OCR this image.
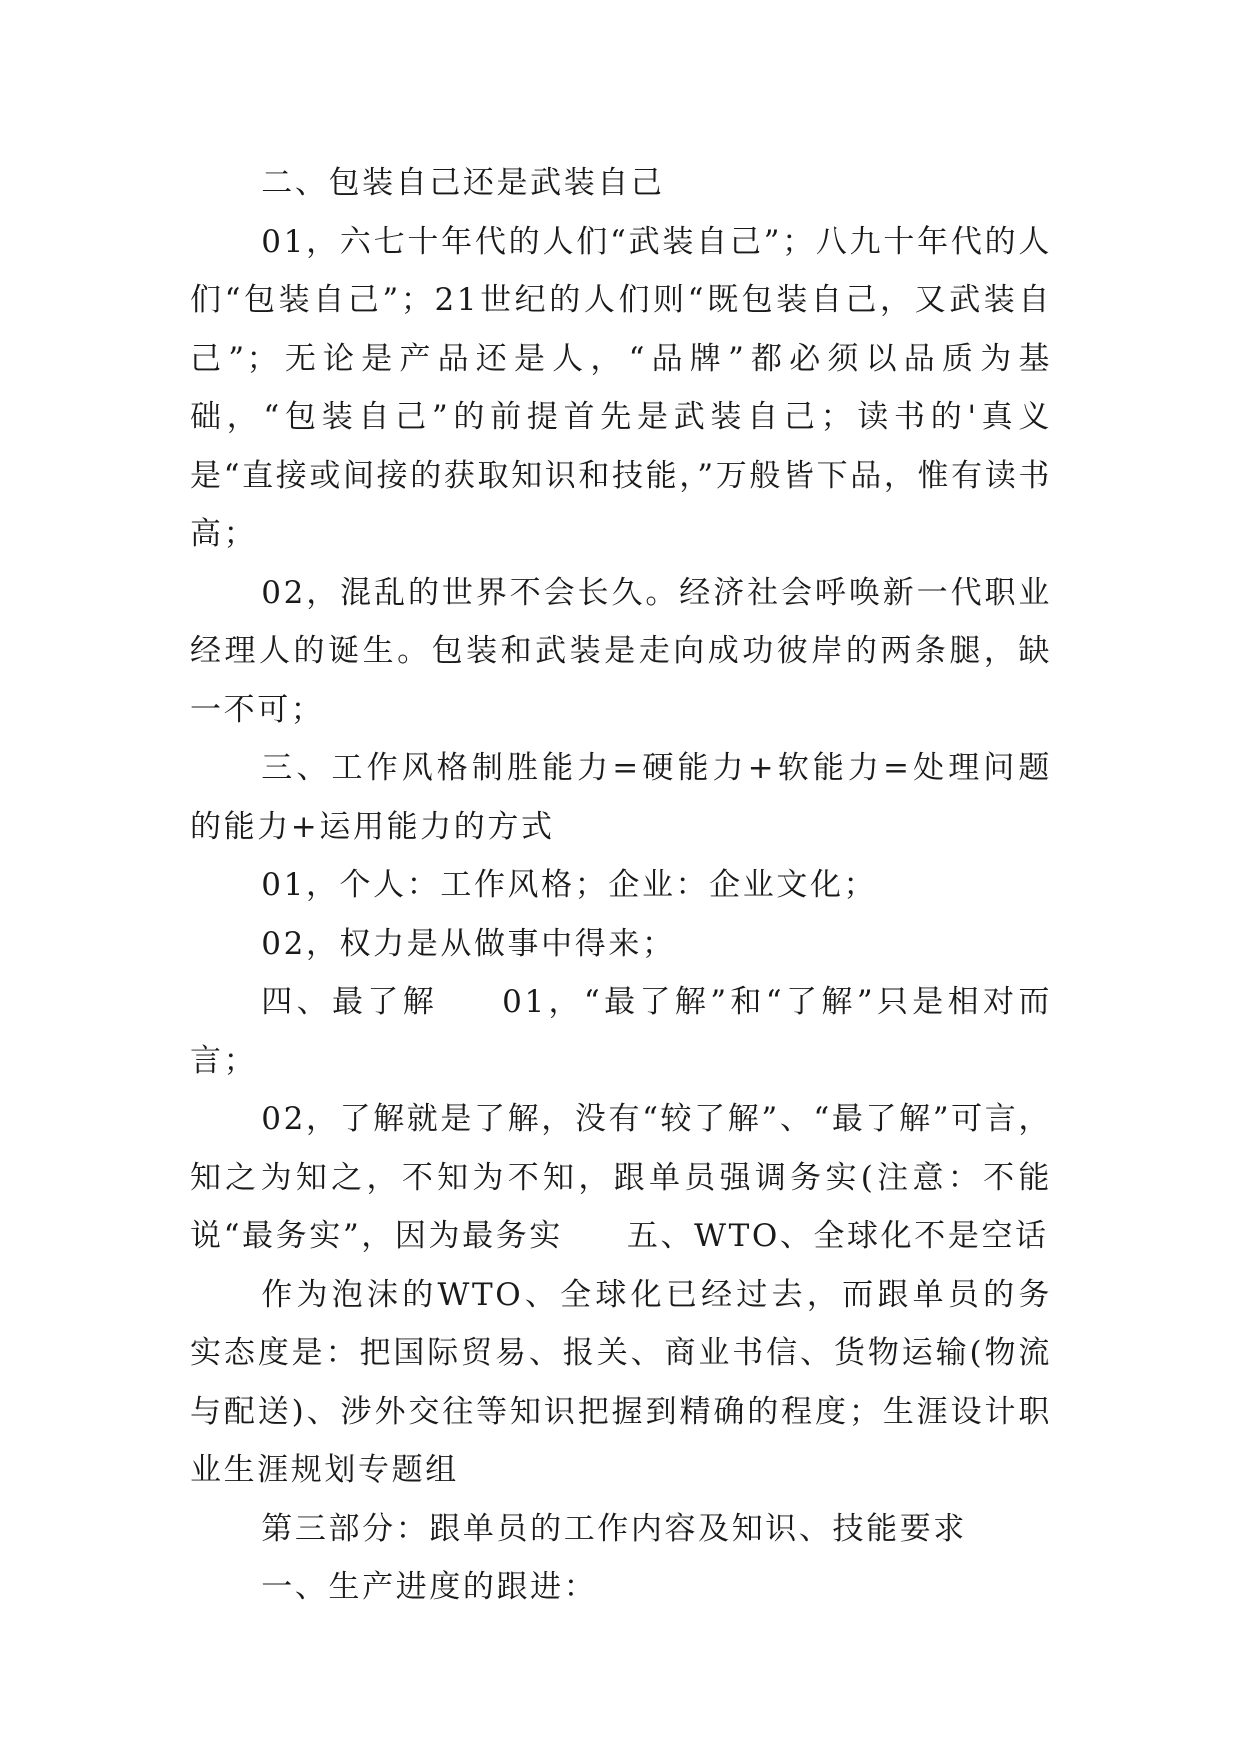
二、包装自己还是武装自己

01，六七十年代的人们“武装自己”；八九十年代的人们“包装自己”；21世纪的人们则“既包装自己，又武装自己”；无论是产品还是人，“品牌”都必须以品质为基础，“包装自己”的前提首先是武装自己；读书的'真义是“直接或间接的获取知识和技能，”万般皆下品，惟有读书高；

02，混乱的世界不会长久。经济社会呼唤新一代职业经理人的诞生。包装和武装是走向成功彼岸的两条腿，缺一不可；

三、工作风格制胜能力=硬能力+软能力=处理问题的能力+运用能力的方式

01，个人：工作风格；企业：企业文化；

02，权力是从做事中得来；

四、最了解 01，“最了解”和“了解”只是相对而言；

02，了解就是了解，没有“较了解”、“最了解”可言，知之为知之，不知为不知，跟单员强调务实(注意：不能说“最务实”，因为最务实 五、WTO、全球化不是空话

作为泡沫的WTO、全球化已经过去，而跟单员的务实态度是：把国际贸易、报关、商业书信、货物运输(物流与配送)、涉外交往等知识把握到精确的程度；生涯设计职业生涯规划专题组

第三部分：跟单员的工作内容及知识、技能要求

一、生产进度的跟进：
